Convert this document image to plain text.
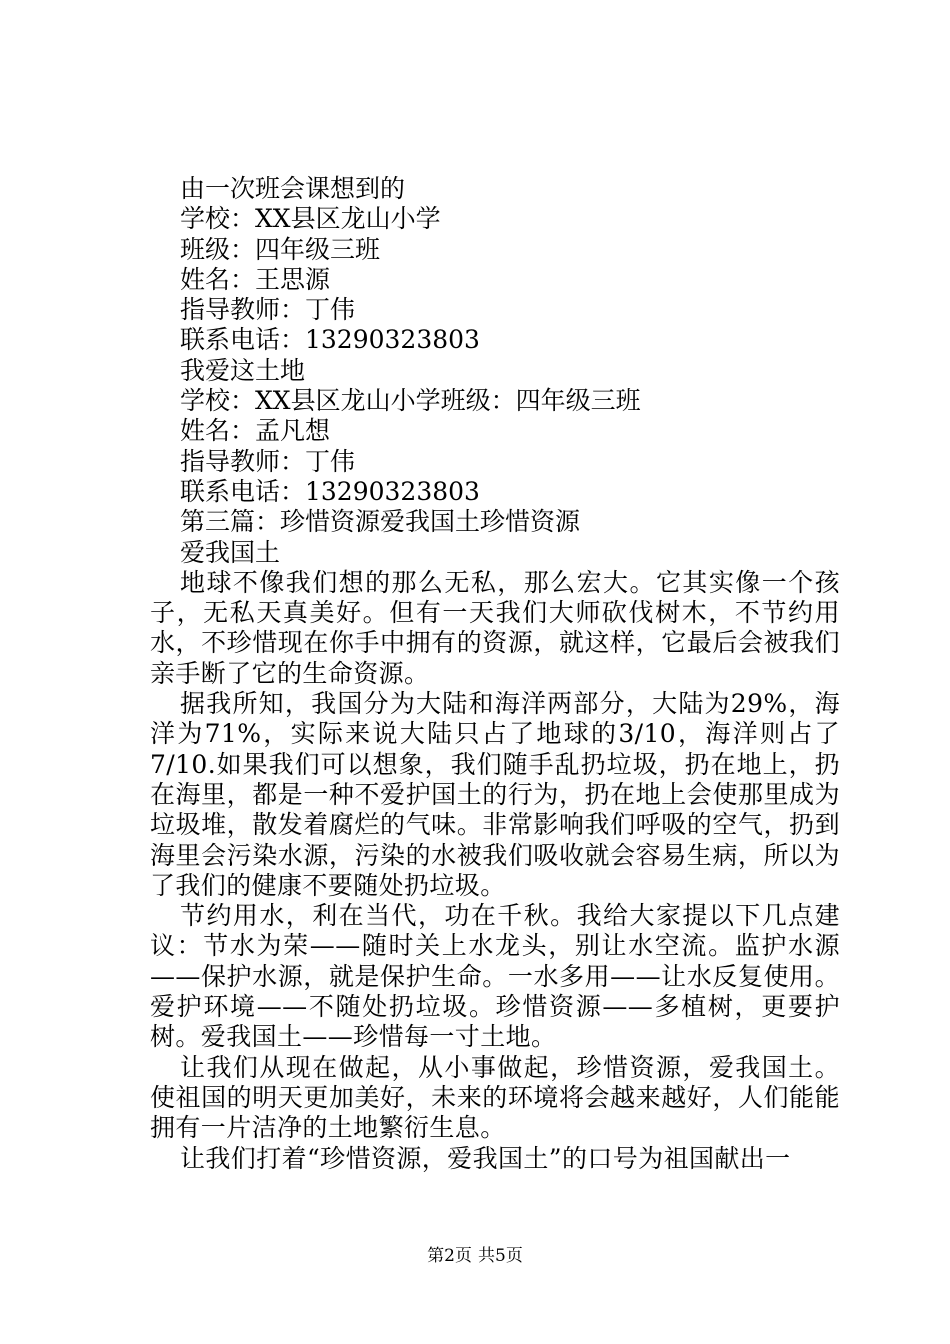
由一次班会课想到的

学校：XX县区龙山小学

班级：四年级三班

姓名：王思源

指导教师：丁伟

联系电话：13290323803

我爱这土地

学校：XX县区龙山小学班级：四年级三班

姓名：孟凡想

指导教师：丁伟

联系电话：13290323803

第三篇：珍惜资源爱我国土珍惜资源

爱我国土

地球不像我们想的那么无私，那么宏大。它其实像一个孩子，无私天真美好。但有一天我们大师砍伐树木，不节约用水，不珍惜现在你手中拥有的资源，就这样，它最后会被我们亲手断了它的生命资源。

据我所知，我国分为大陆和海洋两部分，大陆为29%，海洋为71%，实际来说大陆只占了地球的3/10，海洋则占了7/10.如果我们可以想象，我们随手乱扔垃圾，扔在地上，扔在海里，都是一种不爱护国土的行为，扔在地上会使那里成为垃圾堆，散发着腐烂的气味。非常影响我们呼吸的空气，扔到海里会污染水源，污染的水被我们吸收就会容易生病，所以为了我们的健康不要随处扔垃圾。

节约用水，利在当代，功在千秋。我给大家提以下几点建议：节水为荣——随时关上水龙头，别让水空流。监护水源——保护水源，就是保护生命。一水多用——让水反复使用。爱护环境——不随处扔垃圾。珍惜资源——多植树，更要护树。爱我国土——珍惜每一寸土地。

让我们从现在做起，从小事做起，珍惜资源，爱我国土。使祖国的明天更加美好，未来的环境将会越来越好，人们能能拥有一片洁净的土地繁衍生息。

让我们打着“珍惜资源，爱我国土”的口号为祖国献出一

第2页 共5页
